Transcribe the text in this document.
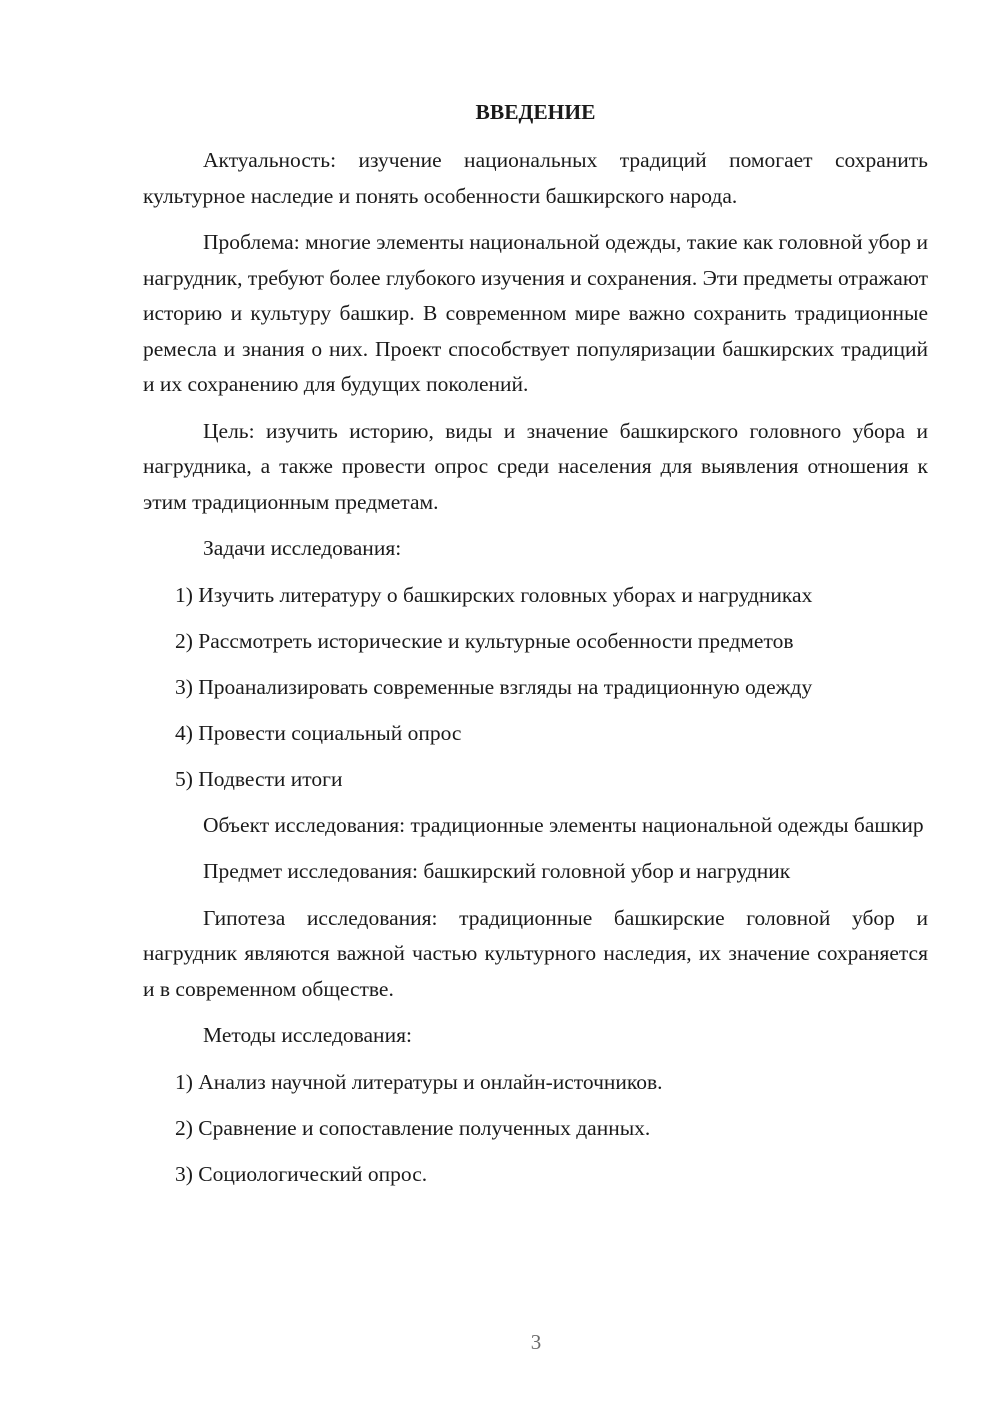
ВВЕДЕНИЕ

Актуальность: изучение национальных традиций помогает сохранить культурное наследие и понять особенности башкирского народа.

Проблема: многие элементы национальной одежды, такие как головной убор и нагрудник, требуют более глубокого изучения и сохранения. Эти предметы отражают историю и культуру башкир. В современном мире важно сохранить традиционные ремесла и знания о них. Проект способствует популяризации башкирских традиций и их сохранению для будущих поколений.

Цель: изучить историю, виды и значение башкирского головного убора и нагрудника, а также провести опрос среди населения для выявления отношения к этим традиционным предметам.

Задачи исследования:

1) Изучить литературу о башкирских головных уборах и нагрудниках

2) Рассмотреть исторические и культурные особенности предметов

3) Проанализировать современные взгляды на традиционную одежду

4) Провести социальный опрос

5) Подвести итоги

Объект исследования: традиционные элементы национальной одежды башкир

Предмет исследования: башкирский головной убор и нагрудник

Гипотеза исследования: традиционные башкирские головной убор и нагрудник являются важной частью культурного наследия, их значение сохраняется и в современном обществе.

Методы исследования:

1) Анализ научной литературы и онлайн-источников.

2) Сравнение и сопоставление полученных данных.

3) Социологический опрос.

3
